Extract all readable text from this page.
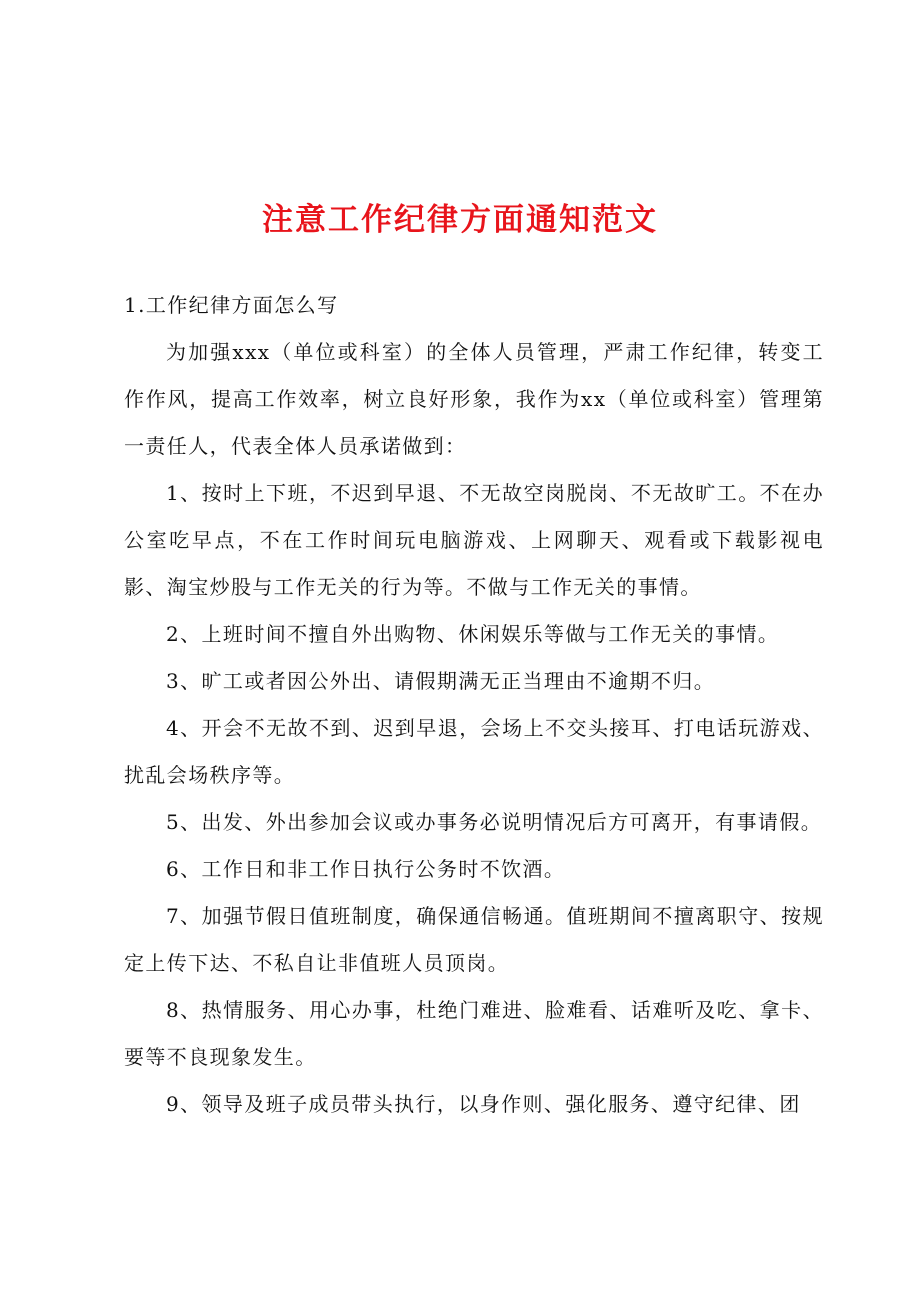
注意工作纪律方面通知范文

1.工作纪律方面怎么写

为加强xxx（单位或科室）的全体人员管理，严肃工作纪律，转变工作作风，提高工作效率，树立良好形象，我作为xx（单位或科室）管理第一责任人，代表全体人员承诺做到：

1、按时上下班，不迟到早退、不无故空岗脱岗、不无故旷工。不在办公室吃早点，不在工作时间玩电脑游戏、上网聊天、观看或下载影视电影、淘宝炒股与工作无关的行为等。不做与工作无关的事情。

2、上班时间不擅自外出购物、休闲娱乐等做与工作无关的事情。

3、旷工或者因公外出、请假期满无正当理由不逾期不归。

4、开会不无故不到、迟到早退，会场上不交头接耳、打电话玩游戏、扰乱会场秩序等。

5、出发、外出参加会议或办事务必说明情况后方可离开，有事请假。

6、工作日和非工作日执行公务时不饮酒。

7、加强节假日值班制度，确保通信畅通。值班期间不擅离职守、按规定上传下达、不私自让非值班人员顶岗。

8、热情服务、用心办事，杜绝门难进、脸难看、话难听及吃、拿卡、要等不良现象发生。

9、领导及班子成员带头执行，以身作则、强化服务、遵守纪律、团
